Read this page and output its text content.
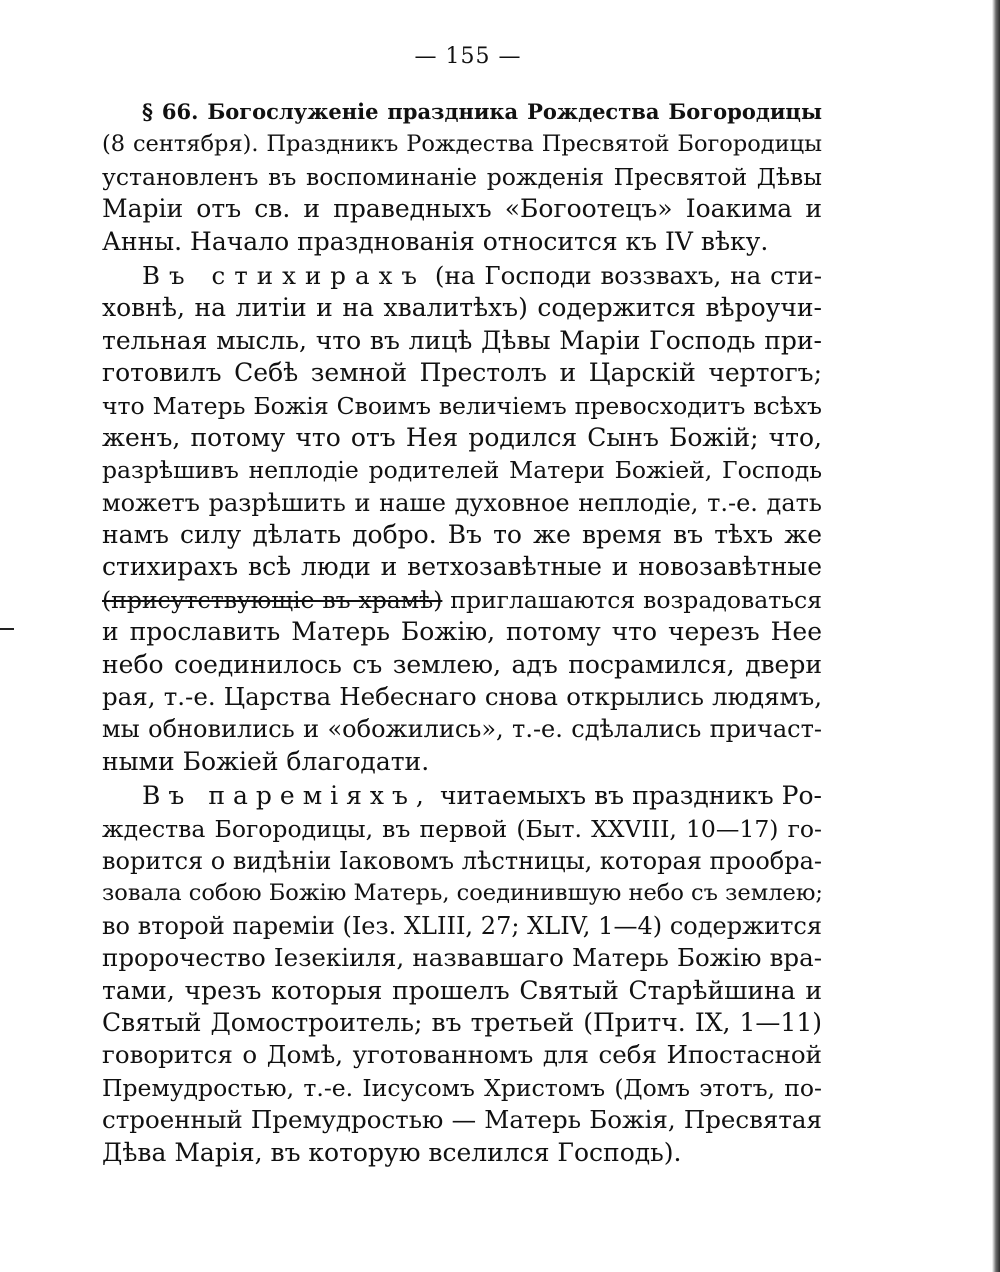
— 155 —
§ 66. Богослуженіе праздника Рождества Богородицы
(8 сентября). Праздникъ Рождества Пресвятой Богородицы
установленъ въ воспоминаніе рожденія Пресвятой Дѣвы
Маріи отъ св. и праведныхъ «Богоотецъ» Іоакима и
Анны. Начало празднованія относится къ IV вѣку.
Въ стихирахъ (на Господи воззвахъ, на сти-
ховнѣ, на литіи и на хвалитѣхъ) содержится вѣроучи-
тельная мысль, что въ лицѣ Дѣвы Маріи Господь при-
готовилъ Себѣ земной Престолъ и Царскій чертогъ;
что Матерь Божія Своимъ величіемъ превосходитъ всѣхъ
женъ, потому что отъ Нея родился Сынъ Божій; что,
разрѣшивъ неплодіе родителей Матери Божіей, Господь
можетъ разрѣшить и наше духовное неплодіе, т.-е. дать
намъ силу дѣлать добро. Въ то же время въ тѣхъ же
стихирахъ всѣ люди и ветхозавѣтные и новозавѣтные
(присутствующіе въ храмѣ) приглашаются возрадоваться
и прославить Матерь Божію, потому что черезъ Нее
небо соединилось съ землею, адъ посрамился, двери
рая, т.-е. Царства Небеснаго снова открылись людямъ,
мы обновились и «обожились», т.-е. сдѣлались причаст-
ными Божіей благодати.
Въ пареміяхъ, читаемыхъ въ праздникъ Ро-
ждества Богородицы, въ первой (Быт. XXVIII, 10—17) го-
ворится о видѣніи Іаковомъ лѣстницы, которая прообра-
зовала собою Божію Матерь, соединившую небо съ землею;
во второй пареміи (Іез. XLIII, 27; XLIV, 1—4) содержится
пророчество Іезекіиля, назвавшаго Матерь Божію вра-
тами, чрезъ которыя прошелъ Святый Старѣйшина и
Святый Домостроитель; въ третьей (Притч. IX, 1—11)
говорится о Домѣ, уготованномъ для себя Ипостасной
Премудростью, т.-е. Іисусомъ Христомъ (Домъ этотъ, по-
строенный Премудростью — Матерь Божія, Пресвятая
Дѣва Марія, въ которую вселился Господь).
